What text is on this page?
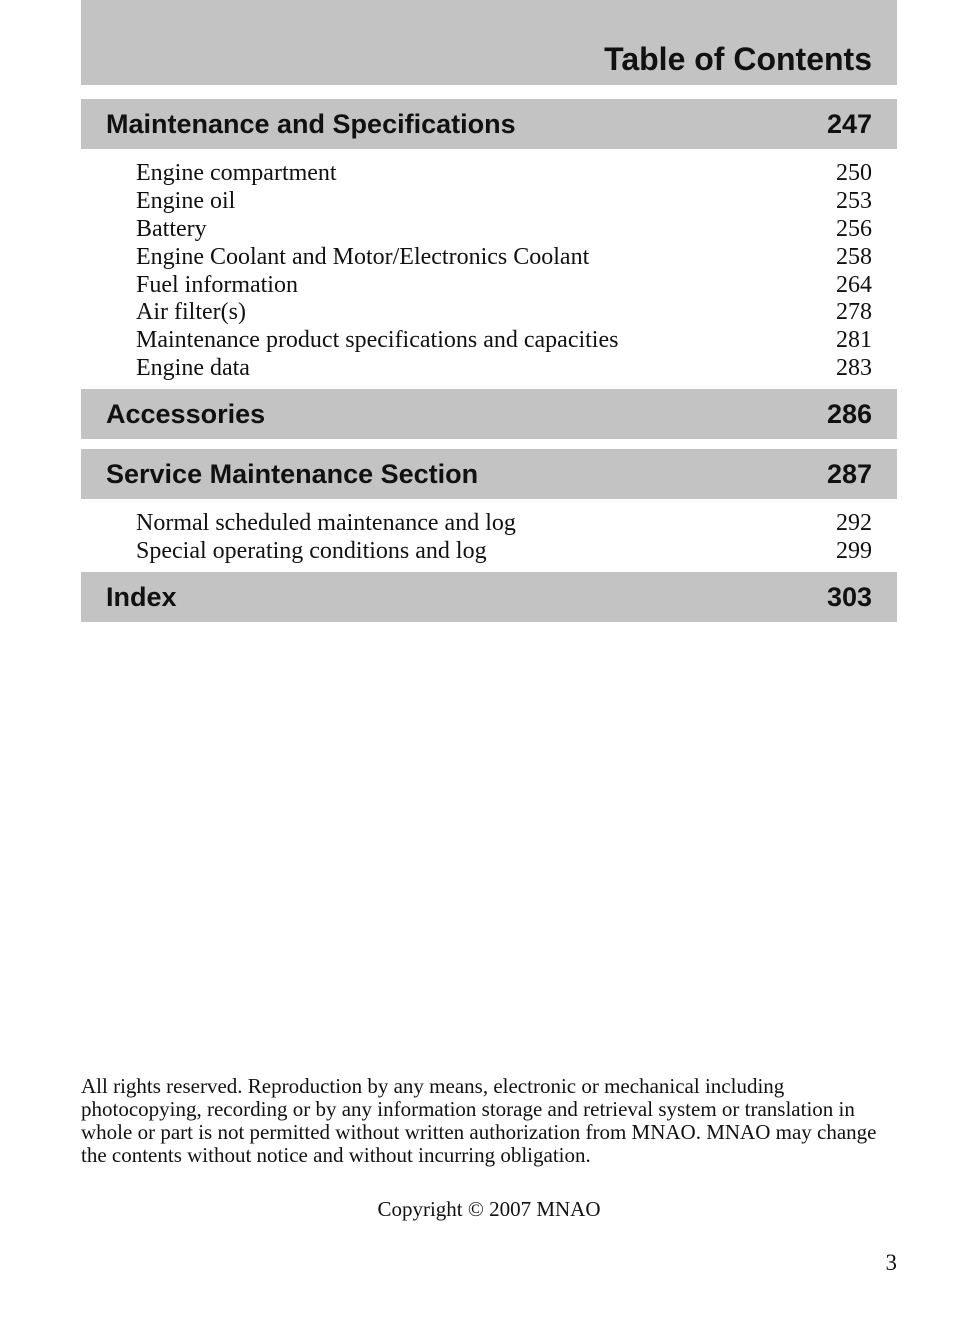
Table of Contents
Maintenance and Specifications	247
Engine compartment	250
Engine oil	253
Battery	256
Engine Coolant and Motor/Electronics Coolant	258
Fuel information	264
Air filter(s)	278
Maintenance product specifications and capacities	281
Engine data	283
Accessories	286
Service Maintenance Section	287
Normal scheduled maintenance and log	292
Special operating conditions and log	299
Index	303

All rights reserved. Reproduction by any means, electronic or mechanical including photocopying, recording or by any information storage and retrieval system or translation in whole or part is not permitted without written authorization from MNAO. MNAO may change the contents without notice and without incurring obligation.

Copyright © 2007 MNAO
3
